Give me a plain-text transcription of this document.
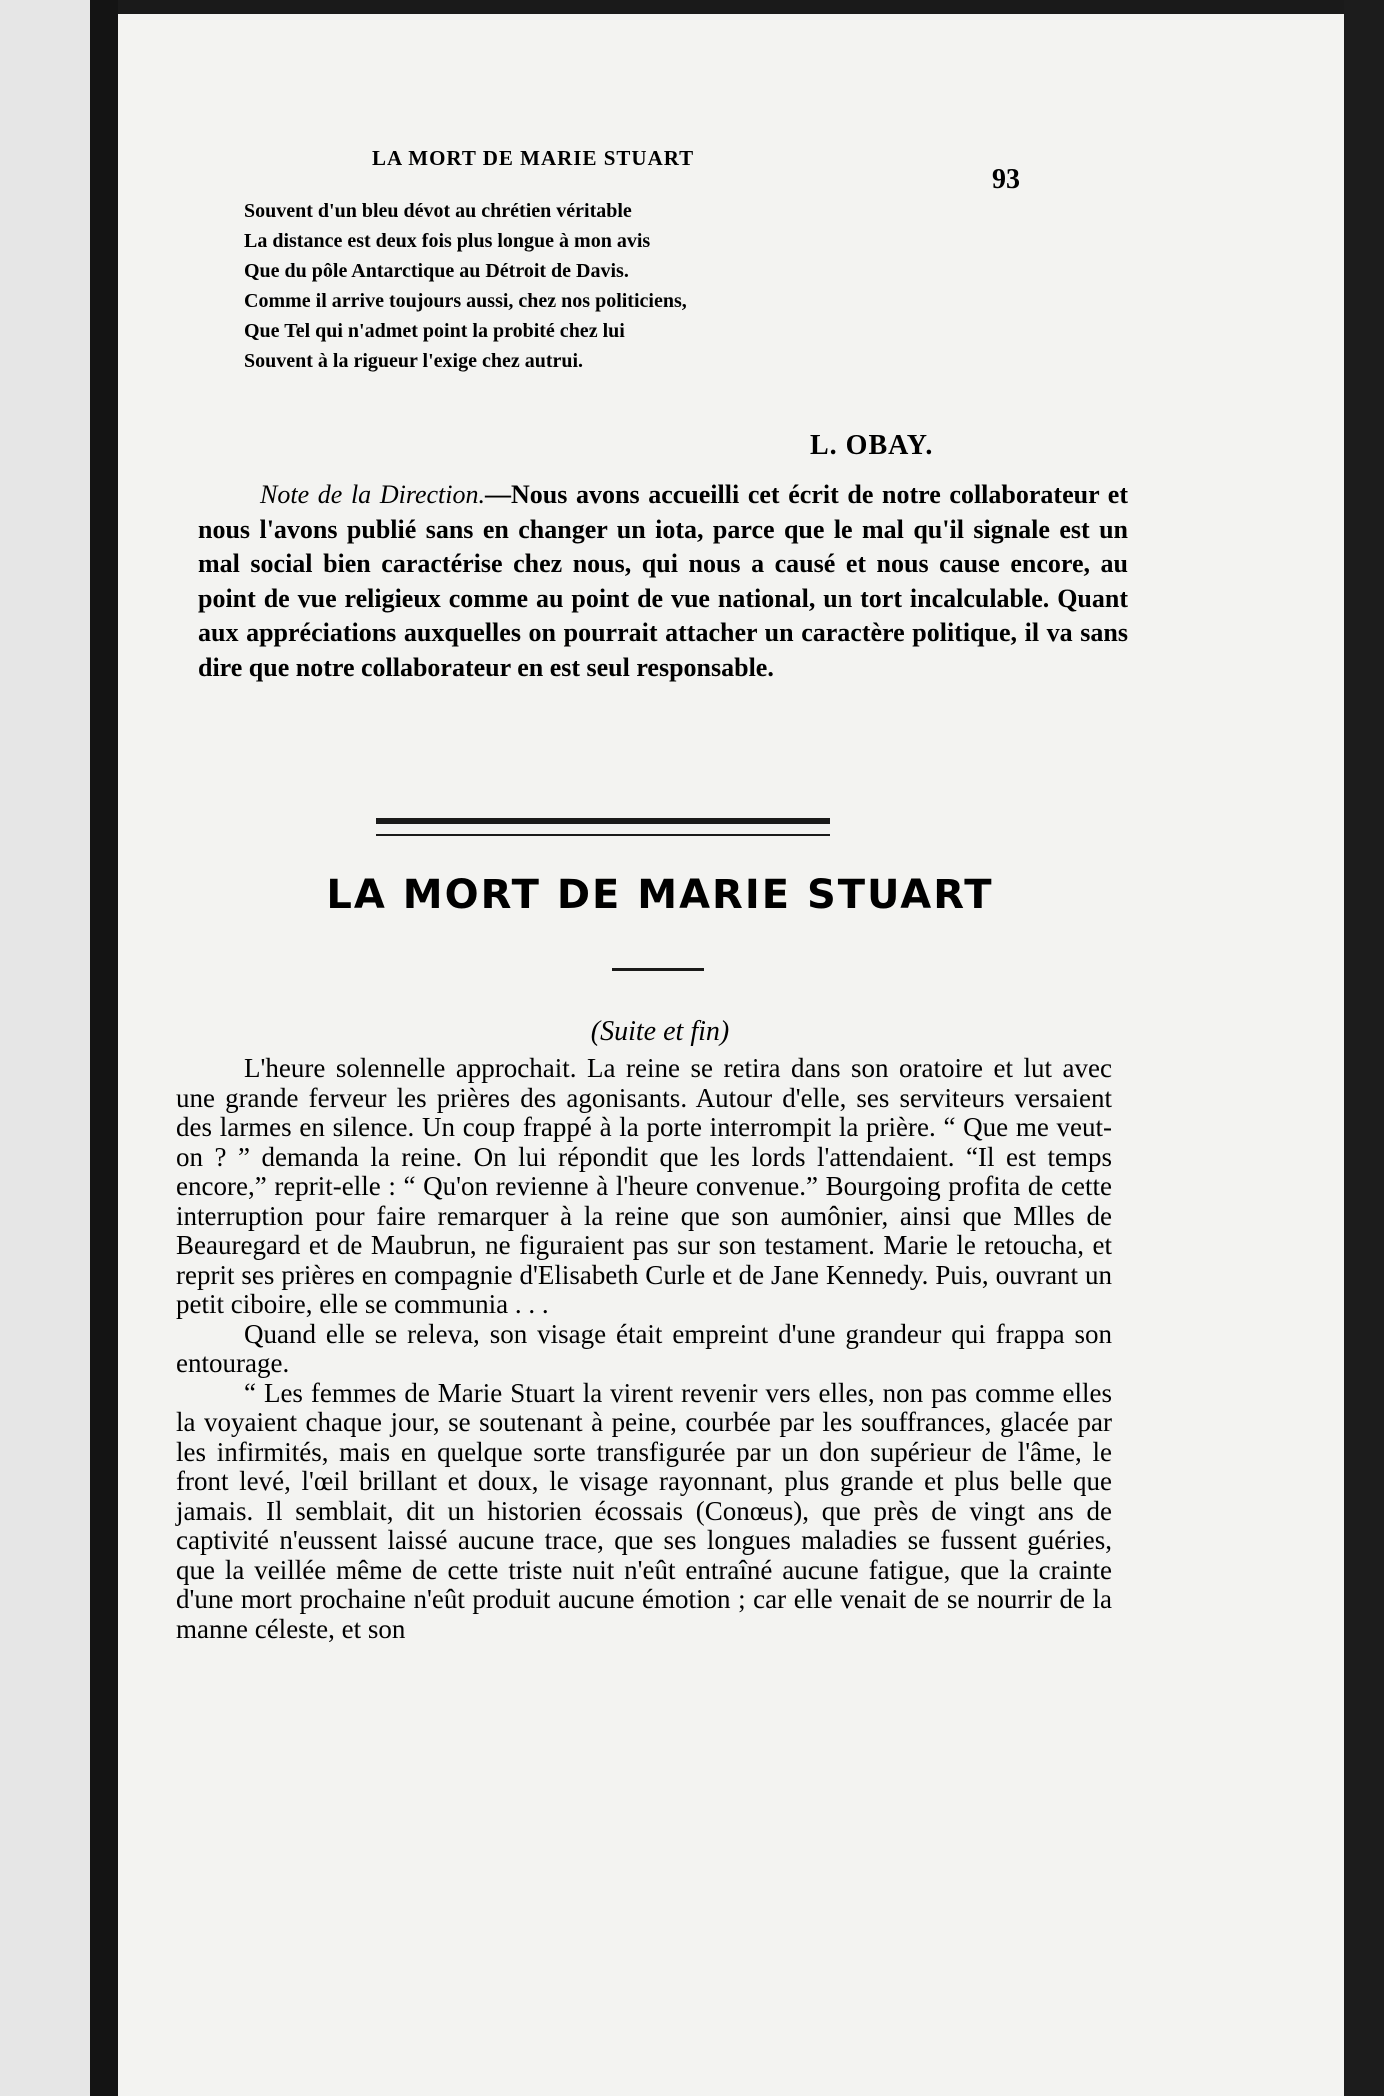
LA MORT DE MARIE STUART
93
Souvent d'un bleu dévot au chrétien véritable
La distance est deux fois plus longue à mon avis
Que du pôle Antarctique au Détroit de Davis.
Comme il arrive toujours aussi, chez nos politiciens,
Que Tel qui n'admet point la probité chez lui
Souvent à la rigueur l'exige chez autrui.
L. OBAY.

Note de la Direction.—Nous avons accueilli cet écrit de notre collaborateur et nous l'avons publié sans en changer un iota, parce que le mal qu'il signale est un mal social bien caractérise chez nous, qui nous a causé et nous cause encore, au point de vue religieux comme au point de vue national, un tort incalculable. Quant aux appréciations auxquelles on pourrait attacher un caractère politique, il va sans dire que notre collaborateur en est seul responsable.

LA MORT DE MARIE STUART
(Suite et fin)

L'heure solennelle approchait. La reine se retira dans son oratoire et lut avec une grande ferveur les prières des agonisants. Autour d'elle, ses serviteurs versaient des larmes en silence. Un coup frappé à la porte interrompit la prière. “ Que me veut-on ? ” demanda la reine. On lui répondit que les lords l'attendaient. “Il est temps encore,” reprit-elle : “ Qu'on revienne à l'heure convenue.” Bourgoing profita de cette interruption pour faire remarquer à la reine que son aumônier, ainsi que Mlles de Beauregard et de Maubrun, ne figuraient pas sur son testament. Marie le retoucha, et reprit ses prières en compagnie d'Elisabeth Curle et de Jane Kennedy. Puis, ouvrant un petit ciboire, elle se communia . . .

Quand elle se releva, son visage était empreint d'une grandeur qui frappa son entourage.

“ Les femmes de Marie Stuart la virent revenir vers elles, non pas comme elles la voyaient chaque jour, se soutenant à peine, courbée par les souffrances, glacée par les infirmités, mais en quelque sorte transfigurée par un don supérieur de l'âme, le front levé, l'œil brillant et doux, le visage rayonnant, plus grande et plus belle que jamais. Il semblait, dit un historien écossais (Conœus), que près de vingt ans de captivité n'eussent laissé aucune trace, que ses longues maladies se fussent guéries, que la veillée même de cette triste nuit n'eût entraîné aucune fatigue, que la crainte d'une mort prochaine n'eût produit aucune émotion ; car elle venait de se nourrir de la manne céleste, et son
